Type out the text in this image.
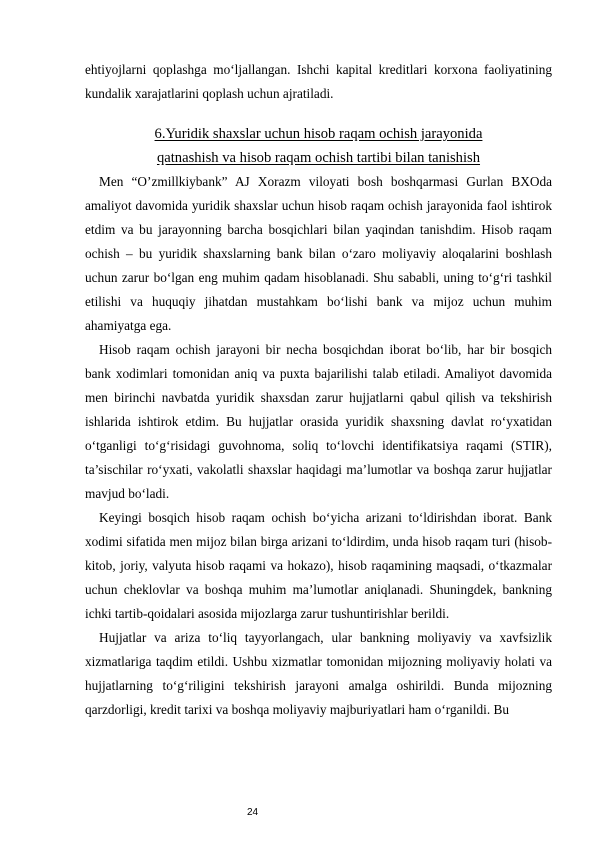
ehtiyojlarni qoplashga mo‘ljallangan. Ishchi kapital kreditlari korxona faoliyatining kundalik xarajatlarini qoplash uchun ajratiladi.

6.Yuridik shaxslar uchun hisob raqam ochish jarayonida
qatnashish va hisob raqam ochish tartibi bilan tanishish

Men “O’zmillkiybank” AJ Xorazm viloyati bosh boshqarmasi Gurlan BXOda amaliyot davomida yuridik shaxslar uchun hisob raqam ochish jarayonida faol ishtirok etdim va bu jarayonning barcha bosqichlari bilan yaqindan tanishdim. Hisob raqam ochish – bu yuridik shaxslarning bank bilan o‘zaro moliyaviy aloqalarini boshlash uchun zarur bo‘lgan eng muhim qadam hisoblanadi. Shu sababli, uning to‘g‘ri tashkil etilishi va huquqiy jihatdan mustahkam bo‘lishi bank va mijoz uchun muhim ahamiyatga ega.

Hisob raqam ochish jarayoni bir necha bosqichdan iborat bo‘lib, har bir bosqich bank xodimlari tomonidan aniq va puxta bajarilishi talab etiladi. Amaliyot davomida men birinchi navbatda yuridik shaxsdan zarur hujjatlarni qabul qilish va tekshirish ishlarida ishtirok etdim. Bu hujjatlar orasida yuridik shaxsning davlat ro‘yxatidan o‘tganligi to‘g‘risidagi guvohnoma, soliq to‘lovchi identifikatsiya raqami (STIR), ta’sischilar ro‘yxati, vakolatli shaxslar haqidagi ma’lumotlar va boshqa zarur hujjatlar mavjud bo‘ladi.

Keyingi bosqich hisob raqam ochish bo‘yicha arizani to‘ldirishdan iborat. Bank xodimi sifatida men mijoz bilan birga arizani to‘ldirdim, unda hisob raqam turi (hisob-kitob, joriy, valyuta hisob raqami va hokazo), hisob raqamining maqsadi, o‘tkazmalar uchun cheklovlar va boshqa muhim ma’lumotlar aniqlanadi. Shuningdek, bankning ichki tartib-qoidalari asosida mijozlarga zarur tushuntirishlar berildi.

Hujjatlar va ariza to‘liq tayyorlangach, ular bankning moliyaviy va xavfsizlik xizmatlariga taqdim etildi. Ushbu xizmatlar tomonidan mijozning moliyaviy holati va hujjatlarning to‘g‘riligini tekshirish jarayoni amalga oshirildi. Bunda mijozning qarzdorligi, kredit tarixi va boshqa moliyaviy majburiyatlari ham o‘rganildi. Bu

24
